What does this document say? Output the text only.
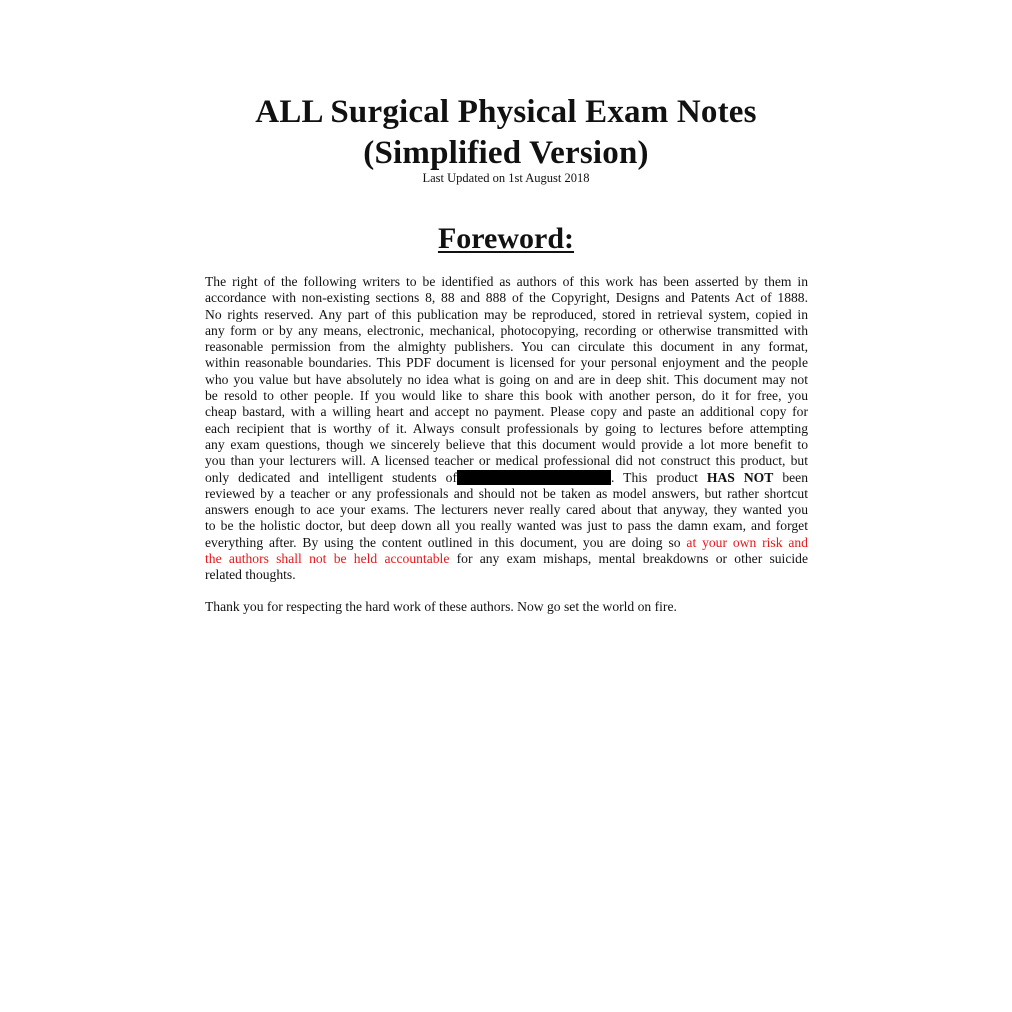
ALL Surgical Physical Exam Notes
(Simplified Version)
Last Updated on 1st August 2018
Foreword:
The right of the following writers to be identified as authors of this work has been asserted by them in
accordance with non-existing sections 8, 88 and 888 of the Copyright, Designs and Patents Act of 1888.
No rights reserved. Any part of this publication may be reproduced, stored in retrieval system, copied in
any form or by any means, electronic, mechanical, photocopying, recording or otherwise transmitted with
reasonable permission from the almighty publishers. You can circulate this document in any format,
within reasonable boundaries. This PDF document is licensed for your personal enjoyment and the people
who you value but have absolutely no idea what is going on and are in deep shit. This document may not
be resold to other people. If you would like to share this book with another person, do it for free, you
cheap bastard, with a willing heart and accept no payment. Please copy and paste an additional copy for
each recipient that is worthy of it. Always consult professionals by going to lectures before attempting
any exam questions, though we sincerely believe that this document would provide a lot more benefit to
you than your lecturers will. A licensed teacher or medical professional did not construct this product, but
only dedicated and intelligent students of	. This product HAS NOT been
reviewed by a teacher or any professionals and should not be taken as model answers, but rather shortcut
answers enough to ace your exams. The lecturers never really cared about that anyway, they wanted you
to be the holistic doctor, but deep down all you really wanted was just to pass the damn exam, and forget
everything after. By using the content outlined in this document, you are doing so at your own risk and
the authors shall not be held accountable for any exam mishaps, mental breakdowns or other suicide
related thoughts.
Thank you for respecting the hard work of these authors. Now go set the world on fire.
